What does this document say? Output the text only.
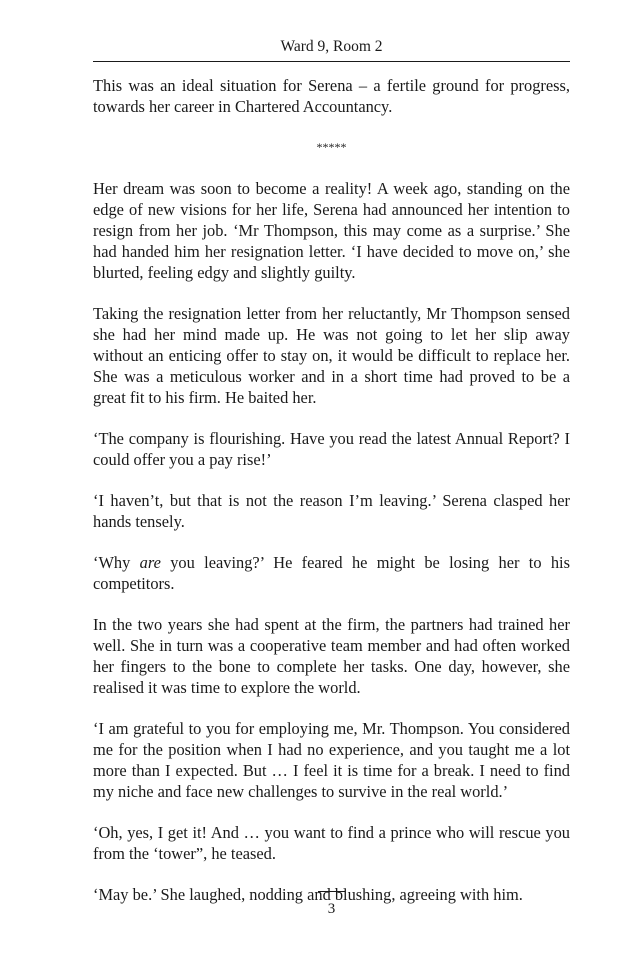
Ward 9, Room 2

This was an ideal situation for Serena – a fertile ground for progress, towards her career in Chartered Accountancy.

*****

Her dream was soon to become a reality! A week ago, standing on the edge of new visions for her life, Serena had announced her intention to resign from her job. ‘Mr Thompson, this may come as a surprise.’ She had handed him her resignation letter. ‘I have decided to move on,’ she blurted, feeling edgy and slightly guilty.

Taking the resignation letter from her reluctantly, Mr Thompson sensed she had her mind made up. He was not going to let her slip away without an enticing offer to stay on, it would be difficult to replace her. She was a meticulous worker and in a short time had proved to be a great fit to his firm. He baited her.

‘The company is flourishing. Have you read the latest Annual Report? I could offer you a pay rise!’

‘I haven’t, but that is not the reason I’m leaving.’ Serena clasped her hands tensely.

‘Why are you leaving?’ He feared he might be losing her to his competitors.

In the two years she had spent at the firm, the partners had trained her well. She in turn was a cooperative team member and had often worked her fingers to the bone to complete her tasks. One day, however, she realised it was time to explore the world.

‘I am grateful to you for employing me, Mr. Thompson. You considered me for the position when I had no experience, and you taught me a lot more than I expected. But … I feel it is time for a break. I need to find my niche and face new challenges to survive in the real world.’

‘Oh, yes, I get it! And … you want to find a prince who will rescue you from the ‘tower”, he teased.

‘May be.’ She laughed, nodding and blushing, agreeing with him.

3
